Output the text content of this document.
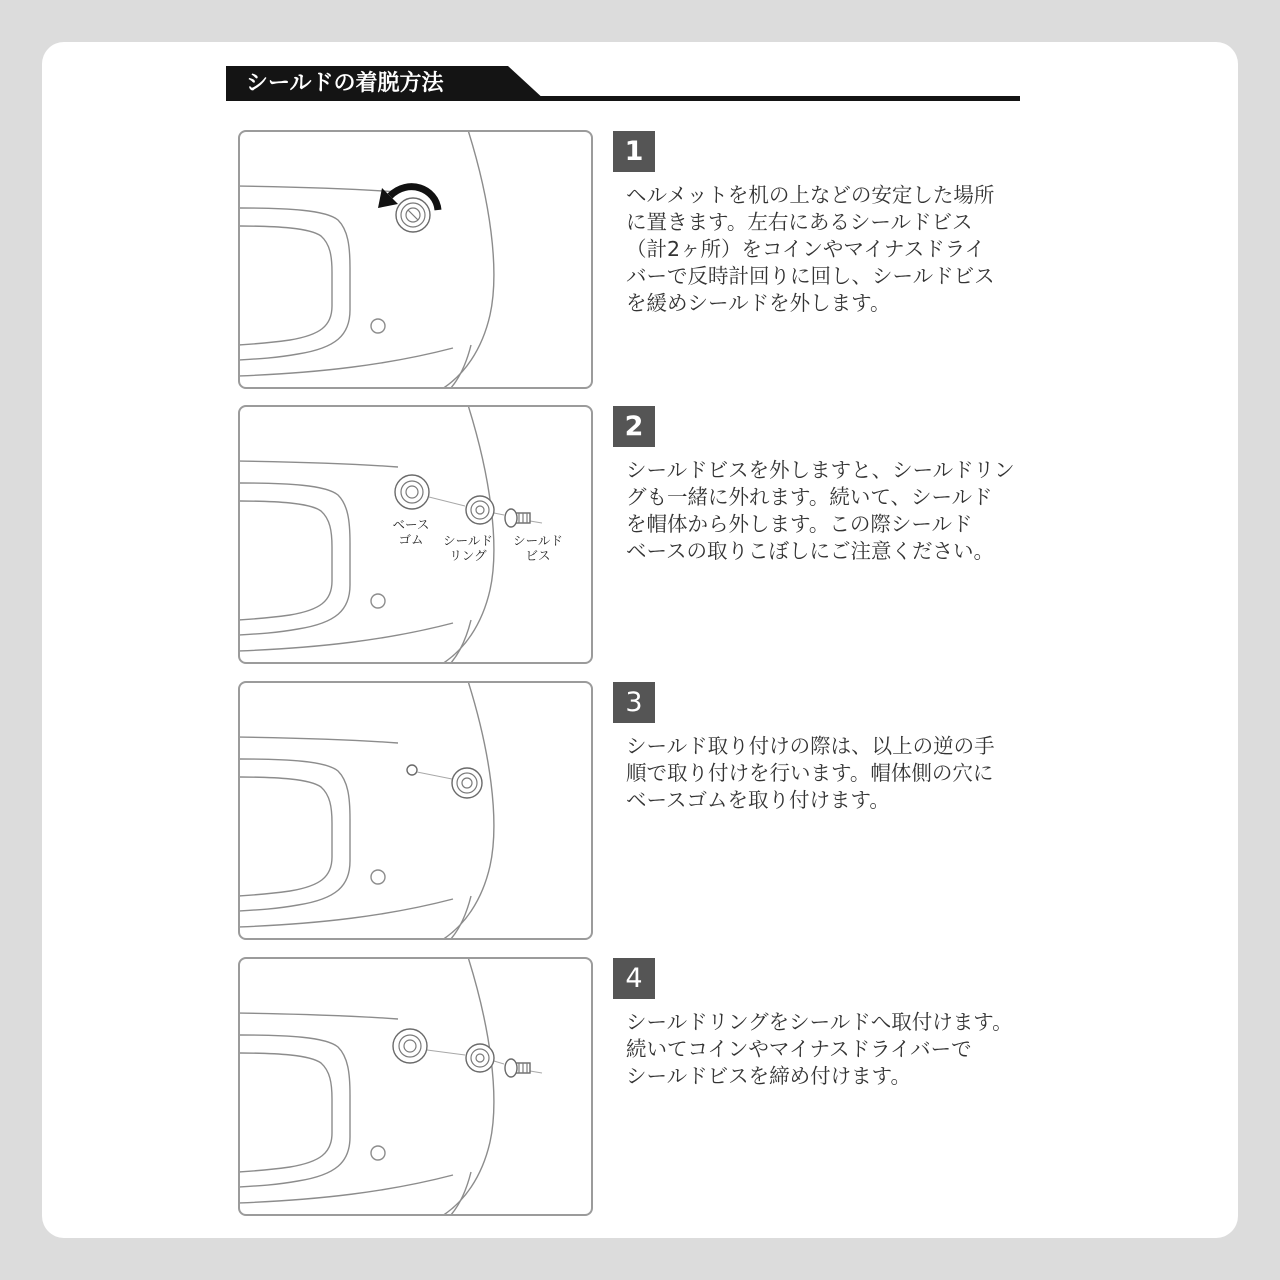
シールドの着脱方法
1
ヘルメットを机の上などの安定した場所
に置きます。左右にあるシールドビス
（計2ヶ所）をコインやマイナスドライ
バーで反時計回りに回し、シールドビス
を緩めシールドを外します。
ベース
ゴム シールド
リング
シールド
ビス
2
シールドビスを外しますと、シールドリン
グも一緒に外れます。続いて、シールド
を帽体から外します。この際シールド
ベースの取りこぼしにご注意ください。
3
シールド取り付けの際は、以上の逆の手
順で取り付けを行います。帽体側の穴に
ベースゴムを取り付けます。
4
シールドリングをシールドへ取付けます。
続いてコインやマイナスドライバーで
シールドビスを締め付けます。
